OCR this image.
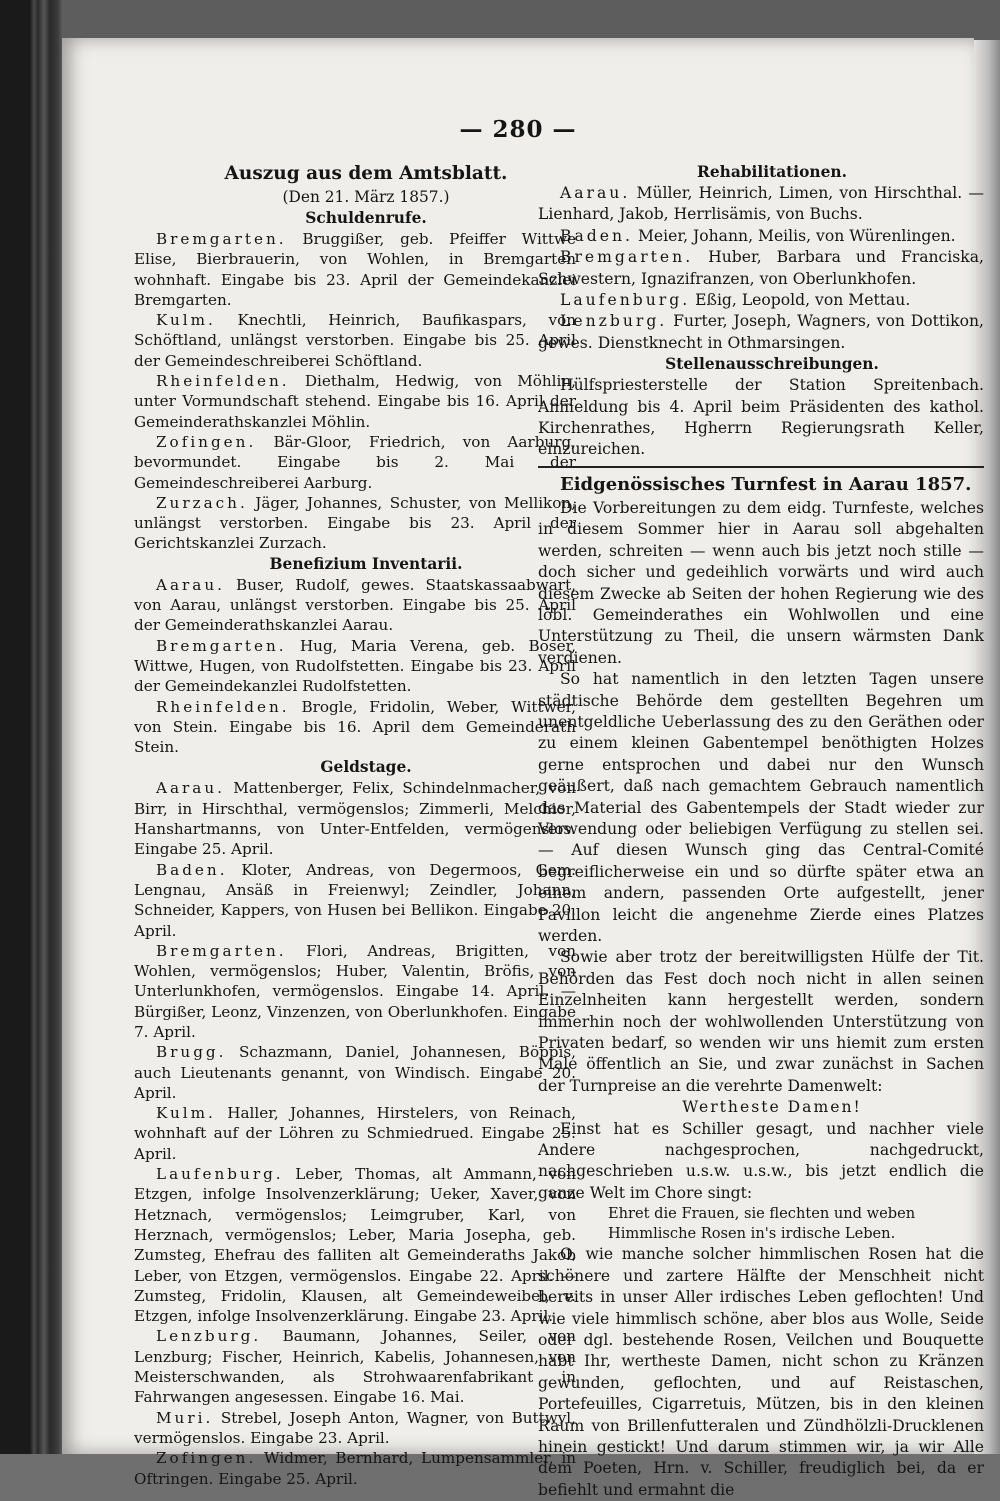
— 280 —

Auszug aus dem Amtsblatt.

(Den 21. März 1857.)

Schuldenrufe.

Bremgarten. Bruggißer, geb. Pfeiffer Wittwe Elise, Bierbrauerin, von Wohlen, in Bremgarten wohnhaft. Eingabe bis 23. April der Gemeindekanzlei Bremgarten.

Kulm. Knechtli, Heinrich, Baufikaspars, von Schöftland, unlängst verstorben. Eingabe bis 25. April der Gemeindeschreiberei Schöftland.

Rheinfelden. Diethalm, Hedwig, von Möhlin, unter Vormundschaft stehend. Eingabe bis 16. April der Gemeinderathskanzlei Möhlin.

Zofingen. Bär-Gloor, Friedrich, von Aarburg, bevormundet. Eingabe bis 2. Mai der Gemeindeschreiberei Aarburg.

Zurzach. Jäger, Johannes, Schuster, von Mellikon, unlängst verstorben. Eingabe bis 23. April der Gerichtskanzlei Zurzach.

Benefizium Inventarii.

Aarau. Buser, Rudolf, gewes. Staatskassaabwart, von Aarau, unlängst verstorben. Eingabe bis 25. April der Gemeinderathskanzlei Aarau.

Bremgarten. Hug, Maria Verena, geb. Boser, Wittwe, Hugen, von Rudolfstetten. Eingabe bis 23. April der Gemeindekanzlei Rudolfstetten.

Rheinfelden. Brogle, Fridolin, Weber, Wittwer, von Stein. Eingabe bis 16. April dem Gemeinderath Stein.

Geldstage.

Aarau. Mattenberger, Felix, Schindelnmacher, von Birr, in Hirschthal, vermögenslos; Zimmerli, Melchior, Hanshartmanns, von Unter-Entfelden, vermögenslos. Eingabe 25. April.

Baden. Kloter, Andreas, von Degermoos, Gem. Lengnau, Ansäß in Freienwyl; Zeindler, Johann, Schneider, Kappers, von Husen bei Bellikon. Eingabe 20. April.

Bremgarten. Flori, Andreas, Brigitten, von Wohlen, vermögenslos; Huber, Valentin, Bröfis, von Unterlunkhofen, vermögenslos. Eingabe 14. April. — Bürgißer, Leonz, Vinzenzen, von Oberlunkhofen. Eingabe 7. April.

Brugg. Schazmann, Daniel, Johannesen, Böppis, auch Lieutenants genannt, von Windisch. Eingabe 20. April.

Kulm. Haller, Johannes, Hirstelers, von Reinach, wohnhaft auf der Löhren zu Schmiedrued. Eingabe 25. April.

Laufenburg. Leber, Thomas, alt Ammann, von Etzgen, infolge Insolvenzerklärung; Ueker, Xaver, von Hetznach, vermögenslos; Leimgruber, Karl, von Herznach, vermögenslos; Leber, Maria Josepha, geb. Zumsteg, Ehefrau des falliten alt Gemeinderaths Jakob Leber, von Etzgen, vermögenslos. Eingabe 22. April. — Zumsteg, Fridolin, Klausen, alt Gemeindeweibel, v. Etzgen, infolge Insolvenzerklärung. Eingabe 23. April.

Lenzburg. Baumann, Johannes, Seiler, von Lenzburg; Fischer, Heinrich, Kabelis, Johannesen, von Meisterschwanden, als Strohwaarenfabrikant in Fahrwangen angesessen. Eingabe 16. Mai.

Muri. Strebel, Joseph Anton, Wagner, von Buttwyl, vermögenslos. Eingabe 23. April.

Zofingen. Widmer, Bernhard, Lumpensammler, in Oftringen. Eingabe 25. April.

Rehabilitationen.

Aarau. Müller, Heinrich, Limen, von Hirschthal. — Lienhard, Jakob, Herrlisämis, von Buchs.

Baden. Meier, Johann, Meilis, von Würenlingen.

Bremgarten. Huber, Barbara und Franciska, Schwestern, Ignazifranzen, von Oberlunkhofen.

Laufenburg. Eßig, Leopold, von Mettau.

Lenzburg. Furter, Joseph, Wagners, von Dottikon, gewes. Dienstknecht in Othmarsingen.

Stellenausschreibungen.

Hülfspriesterstelle der Station Spreitenbach. Anmeldung bis 4. April beim Präsidenten des kathol. Kirchenrathes, Hgherrn Regierungsrath Keller, einzureichen.

Eidgenössisches Turnfest in Aarau 1857.

Die Vorbereitungen zu dem eidg. Turnfeste, welches in diesem Sommer hier in Aarau soll abgehalten werden, schreiten — wenn auch bis jetzt noch stille — doch sicher und gedeihlich vorwärts und wird auch diesem Zwecke ab Seiten der hohen Regierung wie des löbl. Gemeinderathes ein Wohlwollen und eine Unterstützung zu Theil, die unsern wärmsten Dank verdienen.

So hat namentlich in den letzten Tagen unsere städtische Behörde dem gestellten Begehren um unentgeldliche Ueberlassung des zu den Geräthen oder zu einem kleinen Gabentempel benöthigten Holzes gerne entsprochen und dabei nur den Wunsch geäußert, daß nach gemachtem Gebrauch namentlich das Material des Gabentempels der Stadt wieder zur Verwendung oder beliebigen Verfügung zu stellen sei. — Auf diesen Wunsch ging das Central-Comité begreiflicherweise ein und so dürfte später etwa an einem andern, passenden Orte aufgestellt, jener Pavillon leicht die angenehme Zierde eines Platzes werden.

Sowie aber trotz der bereitwilligsten Hülfe der Tit. Behörden das Fest doch noch nicht in allen seinen Einzelnheiten kann hergestellt werden, sondern immerhin noch der wohlwollenden Unterstützung von Privaten bedarf, so wenden wir uns hiemit zum ersten Male öffentlich an Sie, und zwar zunächst in Sachen der Turnpreise an die verehrte Damenwelt:

Wertheste Damen!

Einst hat es Schiller gesagt, und nachher viele Andere nachgesprochen, nachgedruckt, nachgeschrieben u.s.w. u.s.w., bis jetzt endlich die ganze Welt im Chore singt:

Ehret die Frauen, sie flechten und weben

Himmlische Rosen in's irdische Leben.

O, wie manche solcher himmlischen Rosen hat die schönere und zartere Hälfte der Menschheit nicht bereits in unser Aller irdisches Leben geflochten! Und wie viele himmlisch schöne, aber blos aus Wolle, Seide oder dgl. bestehende Rosen, Veilchen und Bouquette habt Ihr, wertheste Damen, nicht schon zu Kränzen gewunden, geflochten, und auf Reistaschen, Portefeuilles, Cigarretuis, Mützen, bis in den kleinen Raum von Brillenfutteralen und Zündhölzli-Drucklenen hinein gestickt! Und darum stimmen wir, ja wir Alle dem Poeten, Hrn. v. Schiller, freudiglich bei, da er befiehlt und ermahnt die
